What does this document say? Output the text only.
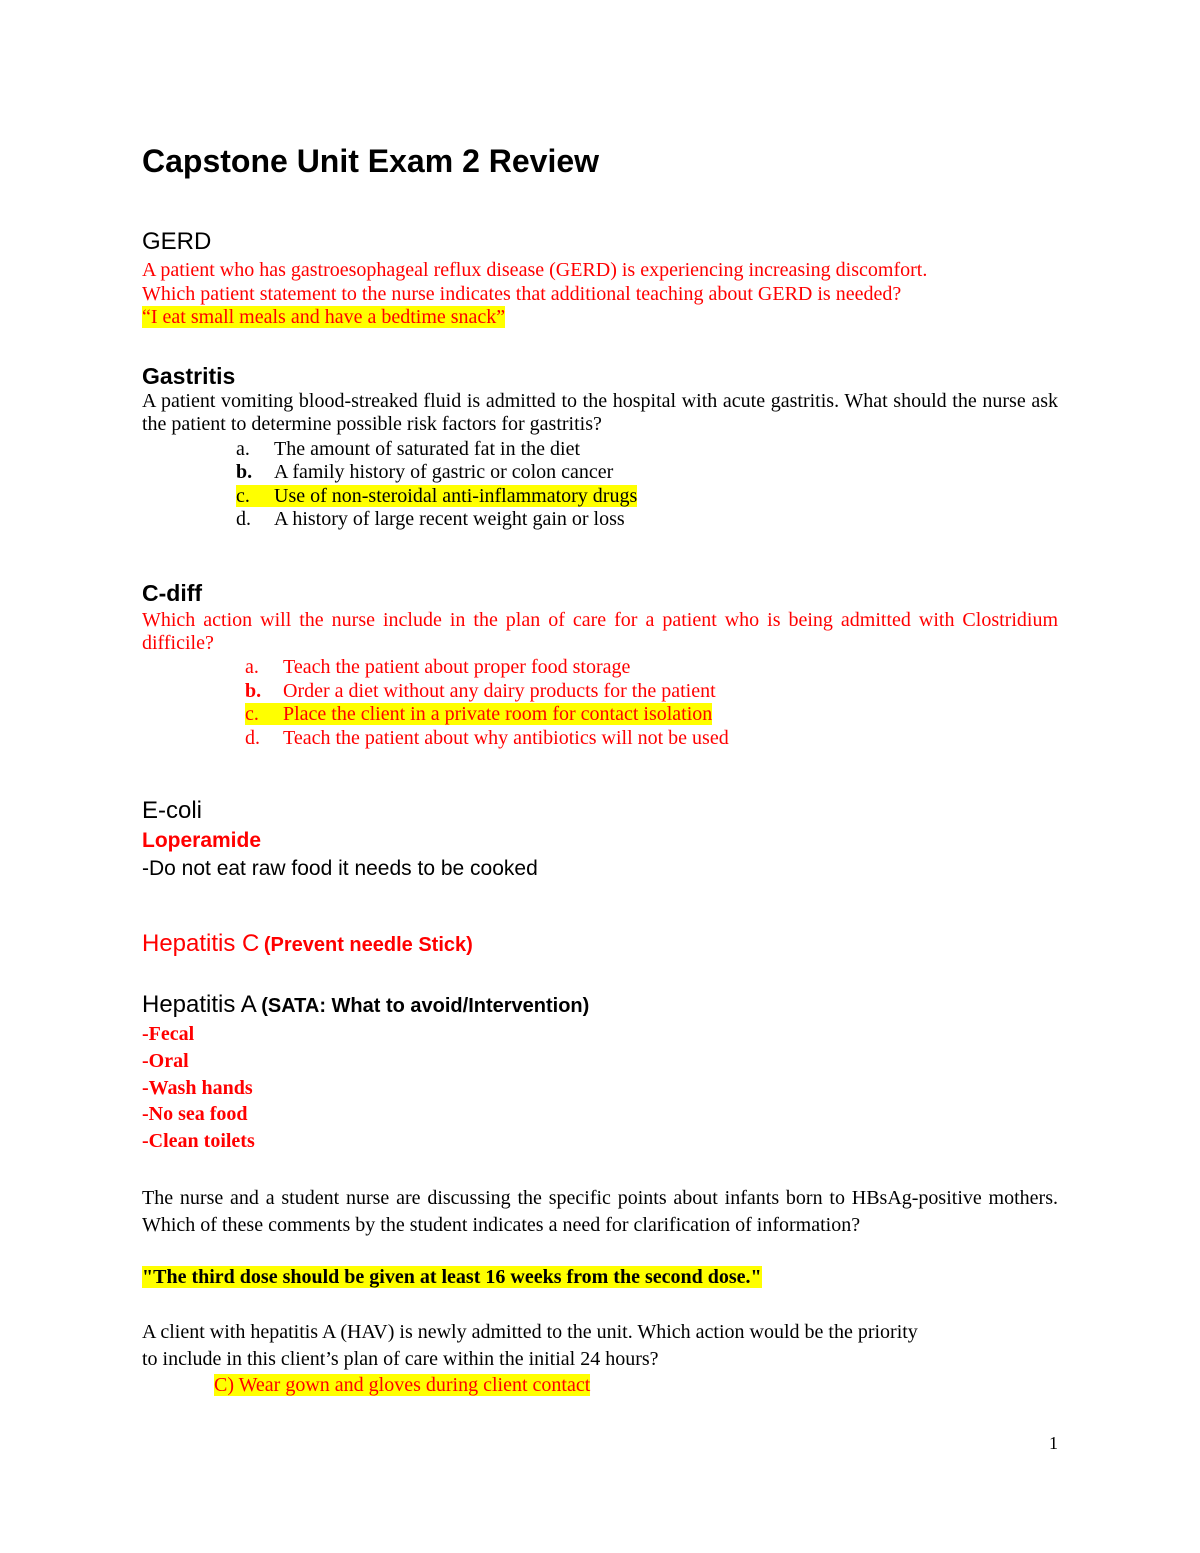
Capstone Unit Exam 2 Review
GERD
A patient who has gastroesophageal reflux disease (GERD) is experiencing increasing discomfort.
Which patient statement to the nurse indicates that additional teaching about GERD is needed?
“I eat small meals and have a bedtime snack”
Gastritis
A patient vomiting blood-streaked fluid is admitted to the hospital with acute gastritis. What should the nurse ask the patient to determine possible risk factors for gastritis?
a. The amount of saturated fat in the diet
b. A family history of gastric or colon cancer
c. Use of non-steroidal anti-inflammatory drugs
d. A history of large recent weight gain or loss
C-diff
Which action will the nurse include in the plan of care for a patient who is being admitted with Clostridium difficile?
a. Teach the patient about proper food storage
b. Order a diet without any dairy products for the patient
c. Place the client in a private room for contact isolation
d. Teach the patient about why antibiotics will not be used
E-coli
Loperamide
-Do not eat raw food it needs to be cooked
Hepatitis C (Prevent needle Stick)
Hepatitis A (SATA: What to avoid/Intervention)
-Fecal
-Oral
-Wash hands
-No sea food
-Clean toilets
The nurse and a student nurse are discussing the specific points about infants born to HBsAg-positive mothers. Which of these comments by the student indicates a need for clarification of information?
"The third dose should be given at least 16 weeks from the second dose."
A client with hepatitis A (HAV) is newly admitted to the unit. Which action would be the priority
to include in this client’s plan of care within the initial 24 hours?
C) Wear gown and gloves during client contact
1
